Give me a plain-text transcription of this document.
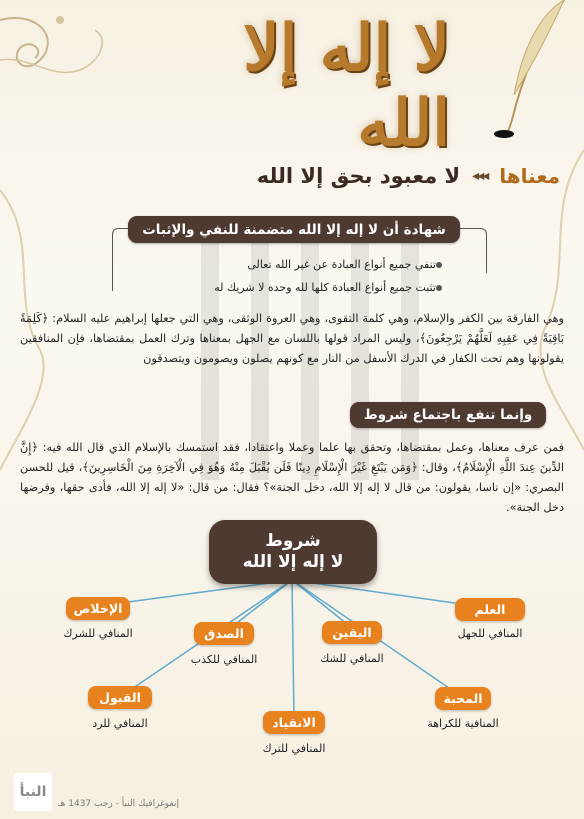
لا إله إلا الله
معناها
◂◂◂
لا معبود بحق إلا الله
شهادة أن لا إله إلا الله متضمنة للنفي والإثبات
تنفي جميع أنواع العبادة عن غير الله تعالى
تثبت جميع أنواع العبادة كلها لله وحده لا شريك له
وهي الفارقة بين الكفر والإسلام، وهي كلمة التقوى، وهي العروة الوثقى، وهي التي جعلها إبراهيم عليه السلام: ﴿كَلِمَةً بَاقِيَةً فِي عَقِبِهِ لَعَلَّهُمْ يَرْجِعُونَ﴾، وليس المراد قولها باللسان مع الجهل بمعناها وترك العمل بمقتضاها، فإن المنافقين يقولونها وهم تحت الكفار في الدرك الأسفل من النار مع كونهم يصلون ويصومون ويتصدقون
وإنما تنفع باجتماع شروط
فمن عرف معناها، وعمل بمقتضاها، وتحقق بها علما وعملا واعتقادا، فقد استمسك بالإسلام الذي قال الله فيه: ﴿إِنَّ الدِّينَ عِندَ اللَّهِ الْإِسْلَامُ﴾، وقال: ﴿وَمَن يَبْتَغِ غَيْرَ الْإِسْلَامِ دِينًا فَلَن يُقْبَلَ مِنْهُ وَهُوَ فِي الْآخِرَةِ مِنَ الْخَاسِرِينَ﴾، قيل للحسن البصري: «إن ناسا، يقولون: من قال لا إله إلا الله، دخل الجنة»؟ فقال: من قال: «لا إله إلا الله، فأدى حقها، وفرضها دخل الجنة».
شروط
لا إله إلا الله
العلم
المنافي للجهل
اليقين
المنافي للشك
الصدق
المنافي للكذب
الإخلاص
المنافي للشرك
المحبة
المنافية للكراهة
الانقياد
المنافي للترك
القبول
المنافي للرد
النبأ
إنفوغرافيك النبأ - رجب 1437 هـ
